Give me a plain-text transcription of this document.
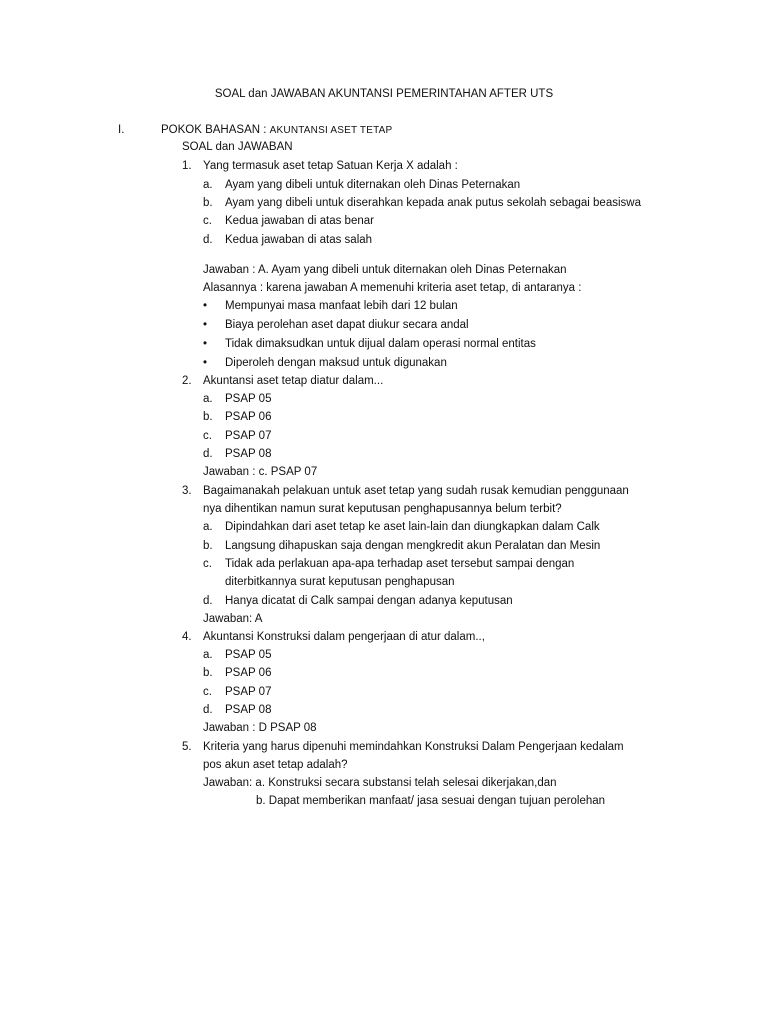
SOAL dan JAWABAN AKUNTANSI PEMERINTAHAN AFTER UTS
I.	POKOK BAHASAN : AKUNTANSI ASET TETAP
SOAL dan JAWABAN
1. Yang termasuk aset tetap Satuan Kerja X adalah :
a. Ayam yang dibeli untuk diternakan oleh Dinas Peternakan
b. Ayam yang dibeli untuk diserahkan kepada anak putus sekolah sebagai beasiswa
c. Kedua jawaban di atas benar
d. Kedua jawaban di atas salah
Jawaban : A. Ayam yang dibeli untuk diternakan oleh Dinas Peternakan
Alasannya : karena jawaban A memenuhi kriteria aset tetap, di antaranya :
• Mempunyai masa manfaat lebih dari 12 bulan
• Biaya perolehan aset dapat diukur secara andal
• Tidak dimaksudkan untuk dijual dalam operasi normal entitas
• Diperoleh dengan maksud untuk digunakan
2. Akuntansi aset tetap diatur dalam...
a. PSAP 05
b. PSAP 06
c. PSAP 07
d. PSAP 08
Jawaban : c. PSAP 07
3. Bagaimanakah pelakuan untuk aset tetap yang sudah rusak kemudian penggunaan
nya dihentikan namun surat keputusan penghapusannya belum terbit?
a. Dipindahkan dari aset tetap ke aset lain-lain dan diungkapkan dalam Calk
b. Langsung dihapuskan saja dengan mengkredit akun Peralatan dan Mesin
c. Tidak ada perlakuan apa-apa terhadap aset tersebut sampai dengan
diterbitkannya surat keputusan penghapusan
d. Hanya dicatat di Calk sampai dengan adanya keputusan
Jawaban: A
4. Akuntansi Konstruksi dalam pengerjaan di atur dalam..,
a. PSAP 05
b. PSAP 06
c. PSAP 07
d. PSAP 08
Jawaban : D PSAP 08
5. Kriteria yang harus dipenuhi memindahkan Konstruksi Dalam Pengerjaan kedalam
pos akun aset tetap adalah?
Jawaban: a. Konstruksi secara substansi telah selesai dikerjakan,dan
b. Dapat memberikan manfaat/ jasa sesuai dengan tujuan perolehan
